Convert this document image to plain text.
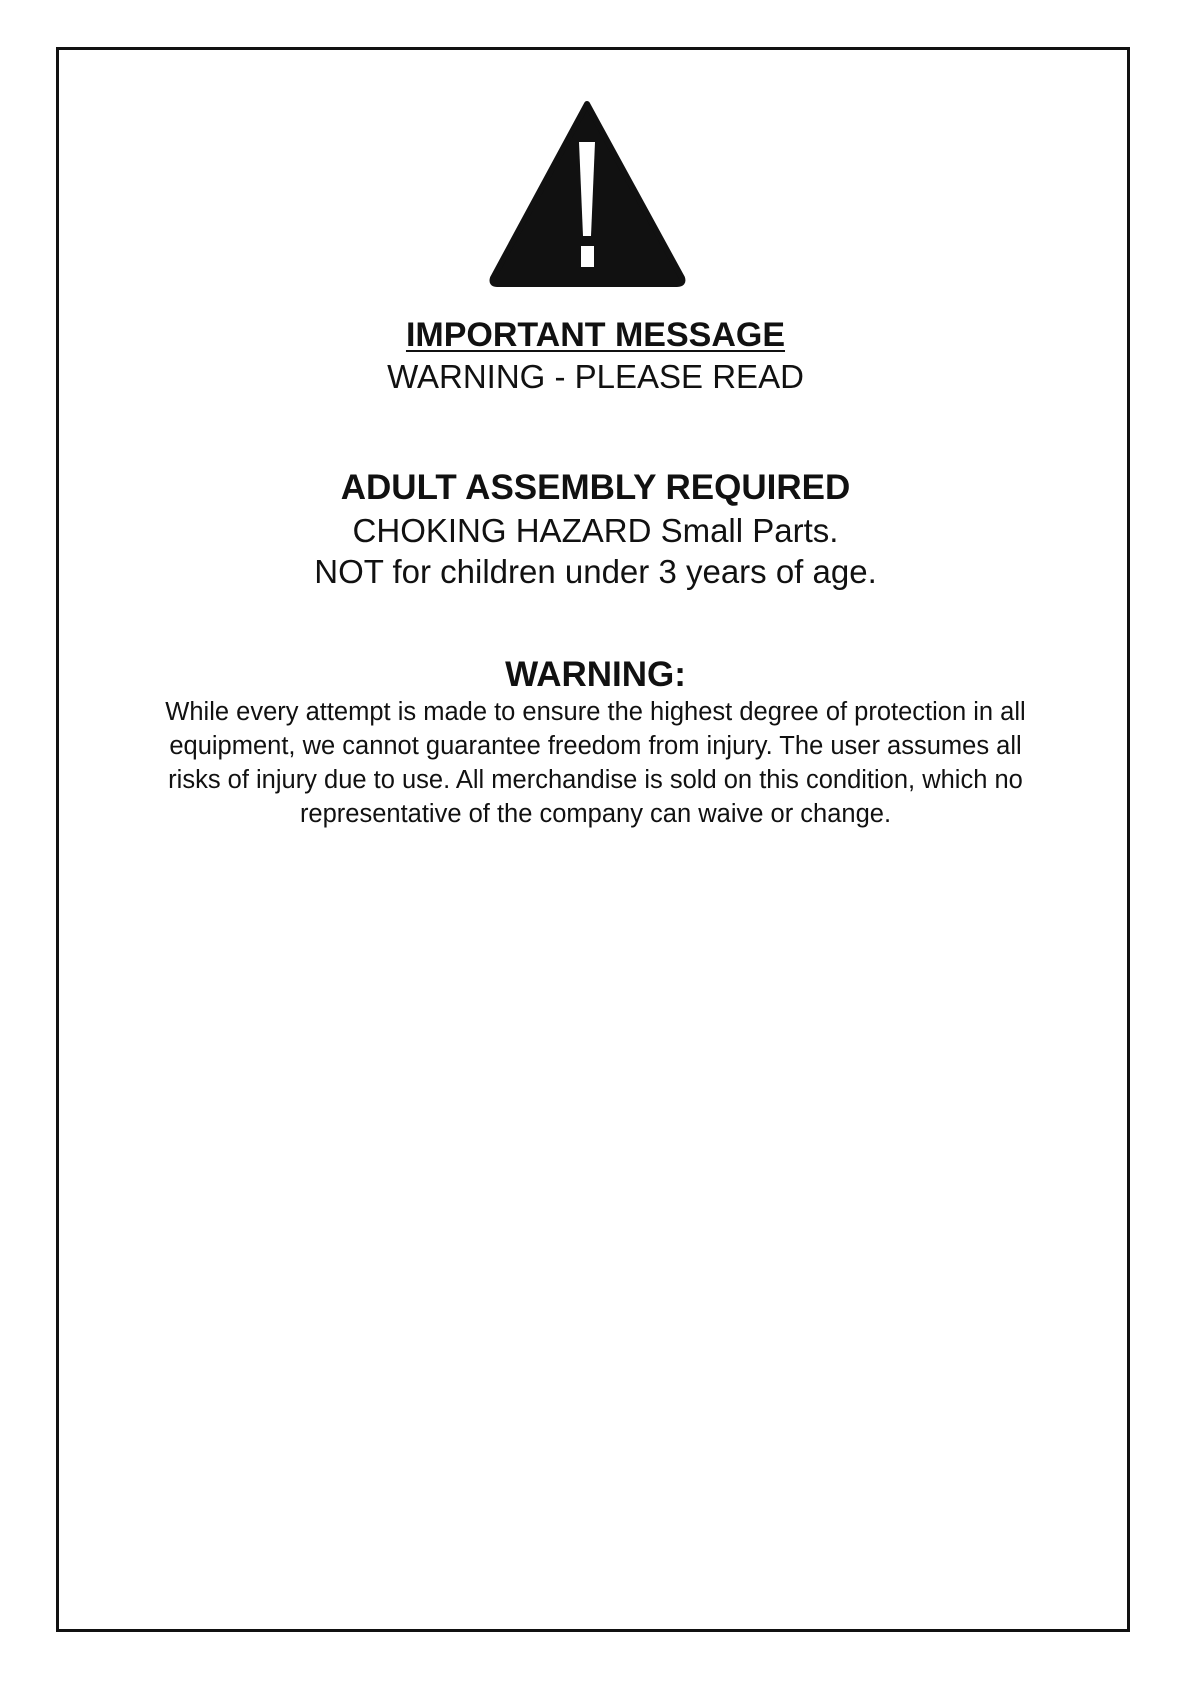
IMPORTANT MESSAGE

WARNING - PLEASE READ

ADULT ASSEMBLY REQUIRED

CHOKING HAZARD Small Parts.

NOT for children under 3 years of age.

WARNING:

While every attempt is made to ensure the highest degree of protection in all
equipment, we cannot guarantee freedom from injury. The user assumes all
risks of injury due to use. All merchandise is sold on this condition, which no
representative of the company can waive or change.
